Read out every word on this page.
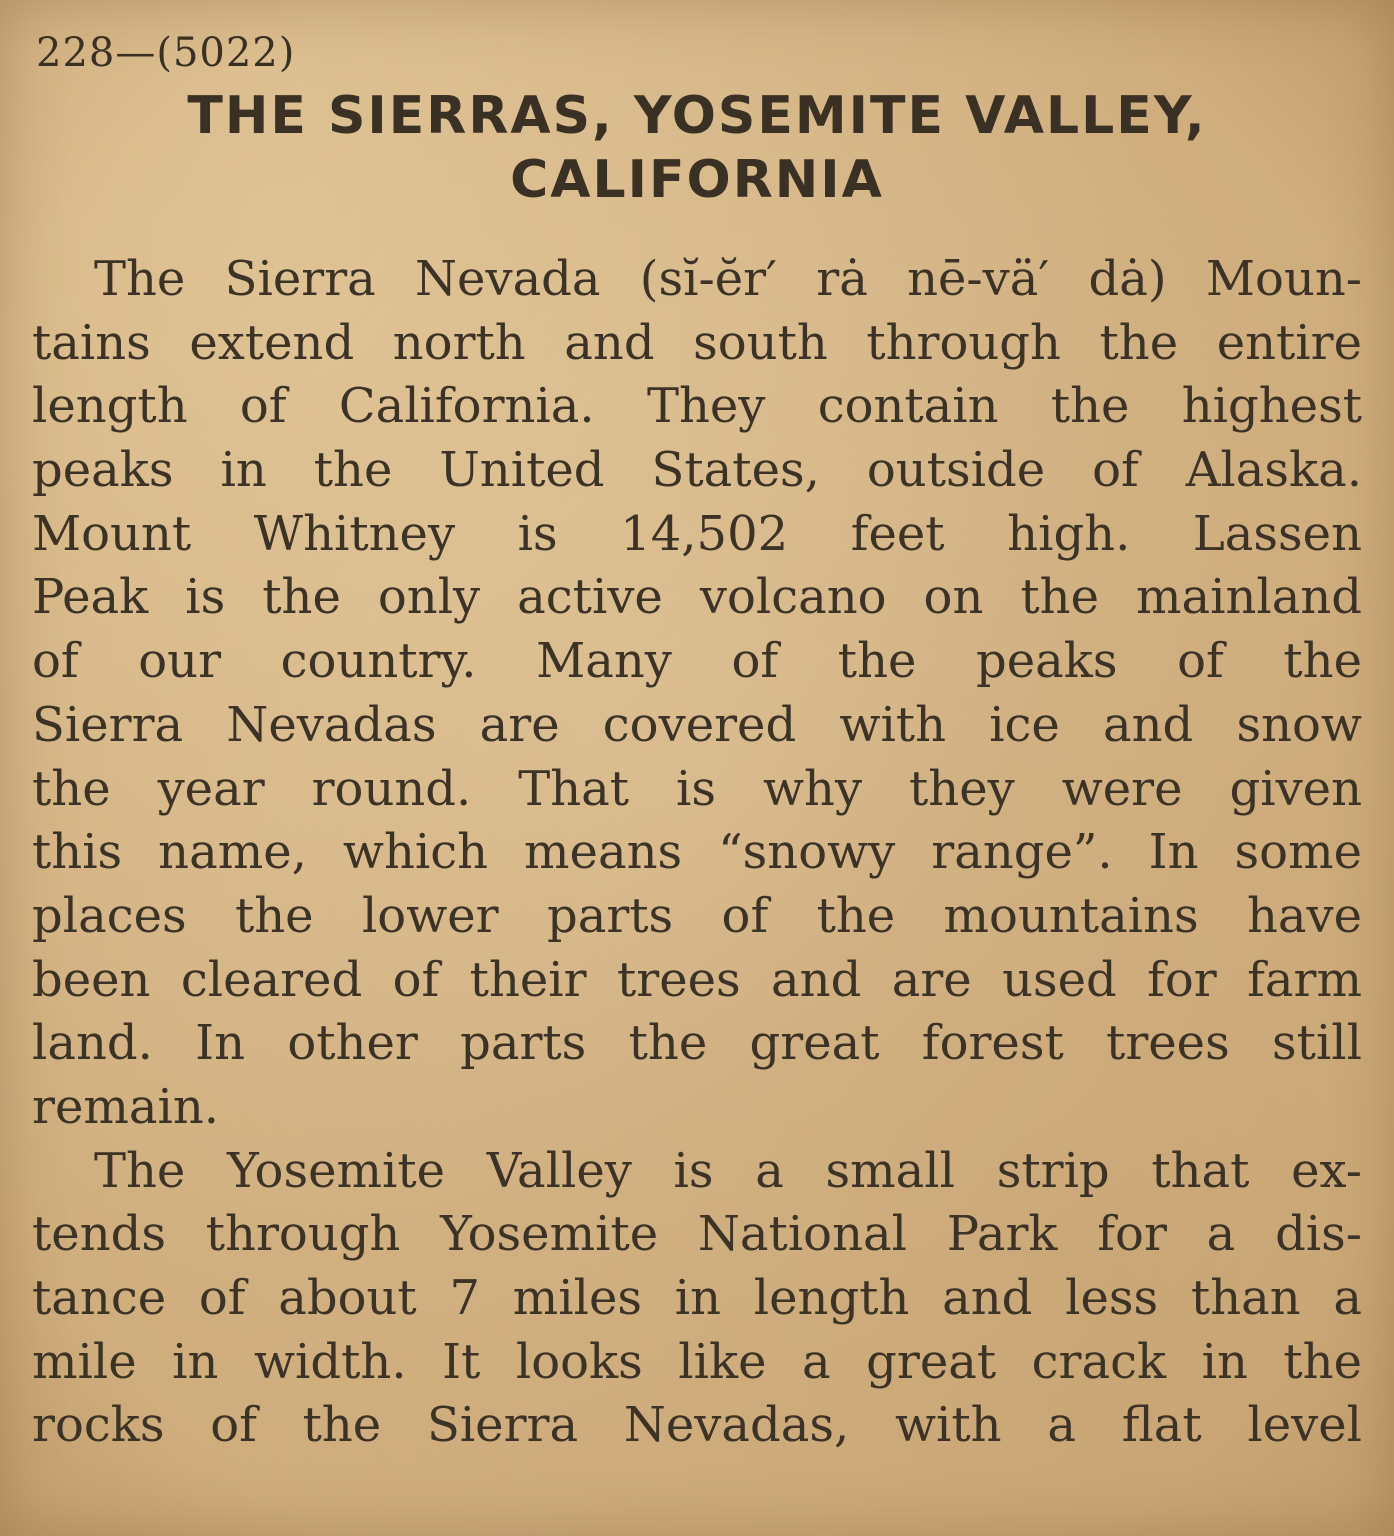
228—(5022)
THE SIERRAS, YOSEMITE VALLEY,
CALIFORNIA
The Sierra Nevada (sĭ-ĕr′ rȧ nē-vä′ dȧ) Moun-
tains extend north and south through the entire
length of California. They contain the highest
peaks in the United States, outside of Alaska.
Mount Whitney is 14,502 feet high. Lassen
Peak is the only active volcano on the mainland
of our country. Many of the peaks of the
Sierra Nevadas are covered with ice and snow
the year round. That is why they were given
this name, which means “snowy range”. In some
places the lower parts of the mountains have
been cleared of their trees and are used for farm
land. In other parts the great forest trees still
remain.
The Yosemite Valley is a small strip that ex-
tends through Yosemite National Park for a dis-
tance of about 7 miles in length and less than a
mile in width. It looks like a great crack in the
rocks of the Sierra Nevadas, with a flat level
